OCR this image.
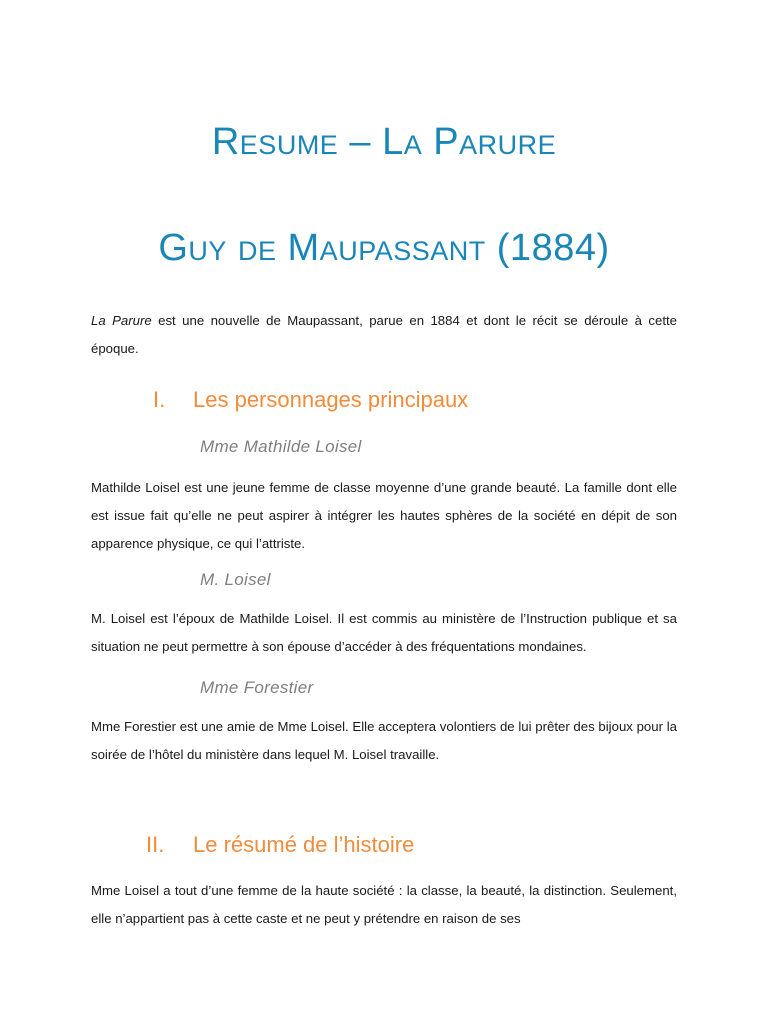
Resume – La Parure
Guy de Maupassant (1884)
La Parure est une nouvelle de Maupassant, parue en 1884 et dont le récit se déroule à cette époque.
I. Les personnages principaux
Mme Mathilde Loisel
Mathilde Loisel est une jeune femme de classe moyenne d’une grande beauté. La famille dont elle est issue fait qu’elle ne peut aspirer à intégrer les hautes sphères de la société en dépit de son apparence physique, ce qui l’attriste.
M. Loisel
M. Loisel est l’époux de Mathilde Loisel. Il est commis au ministère de l’Instruction publique et sa situation ne peut permettre à son épouse d’accéder à des fréquentations mondaines.
Mme Forestier
Mme Forestier est une amie de Mme Loisel. Elle acceptera volontiers de lui prêter des bijoux pour la soirée de l’hôtel du ministère dans lequel M. Loisel travaille.
II. Le résumé de l’histoire
Mme Loisel a tout d’une femme de la haute société : la classe, la beauté, la distinction. Seulement, elle n’appartient pas à cette caste et ne peut y prétendre en raison de ses
